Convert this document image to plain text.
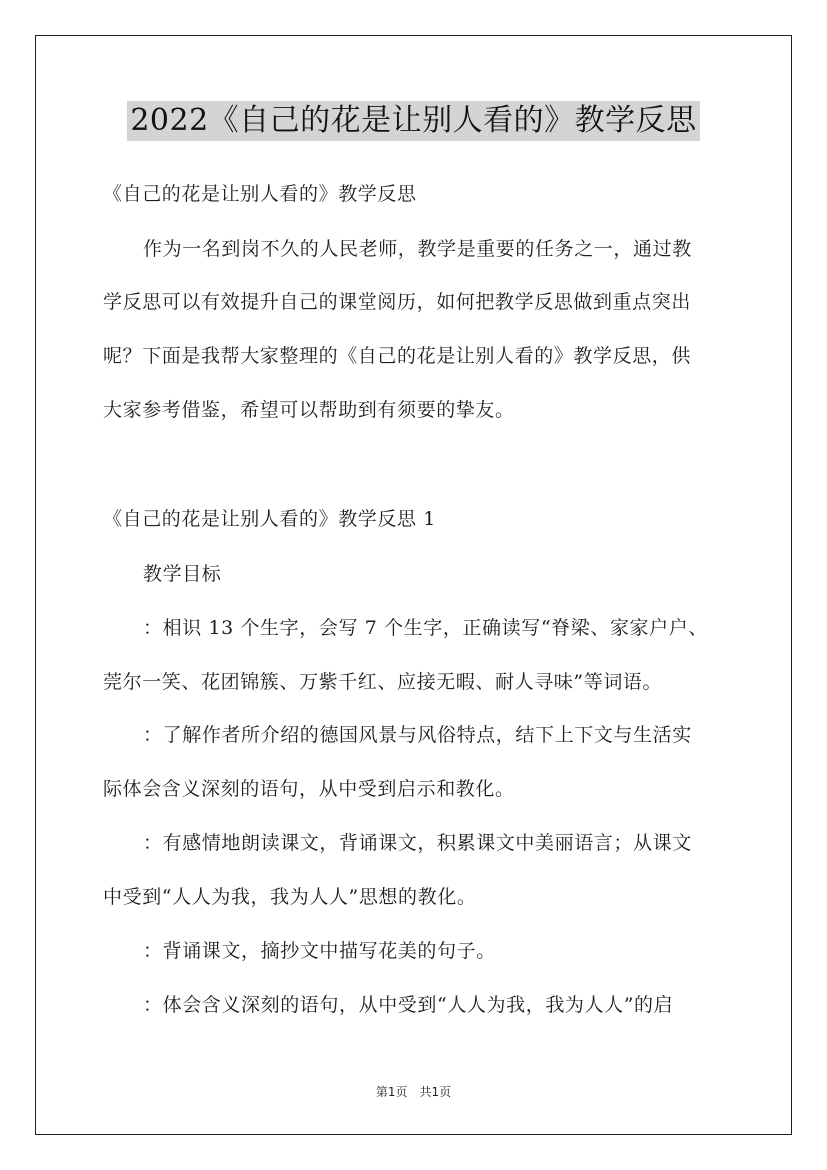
2022《自己的花是让别人看的》教学反思
《自己的花是让别人看的》教学反思
作为一名到岗不久的人民老师，教学是重要的任务之一，通过教
学反思可以有效提升自己的课堂阅历，如何把教学反思做到重点突出
呢？下面是我帮大家整理的《自己的花是让别人看的》教学反思，供
大家参考借鉴，希望可以帮助到有须要的挚友。
《自己的花是让别人看的》教学反思 1
教学目标
：相识 13 个生字，会写 7 个生字，正确读写“脊梁、家家户户、
莞尔一笑、花团锦簇、万紫千红、应接无暇、耐人寻味”等词语。
：了解作者所介绍的德国风景与风俗特点，结下上下文与生活实
际体会含义深刻的语句，从中受到启示和教化。
：有感情地朗读课文，背诵课文，积累课文中美丽语言；从课文
中受到“人人为我，我为人人”思想的教化。
：背诵课文，摘抄文中描写花美的句子。
：体会含义深刻的语句，从中受到“人人为我，我为人人”的启
第1页　共1页
